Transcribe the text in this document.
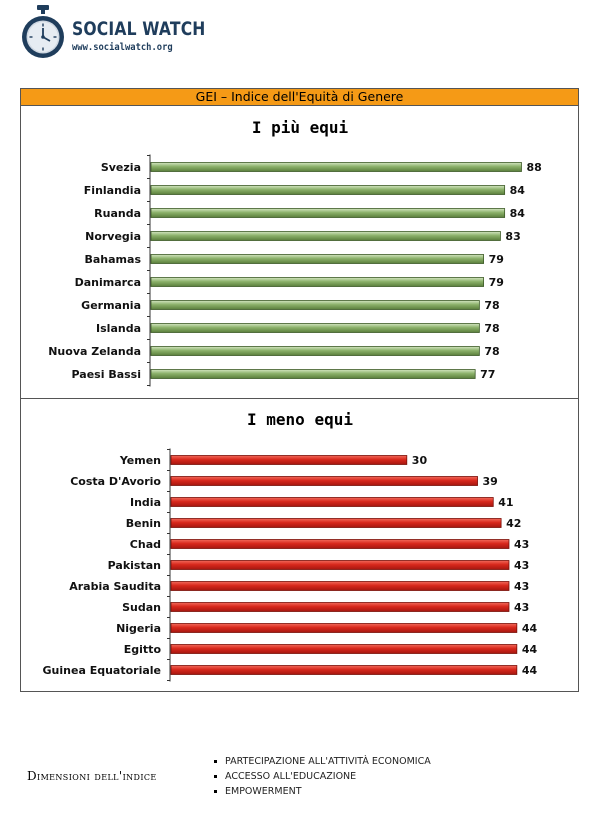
SOCIAL WATCH
www.socialwatch.org
GEI – Indice dell'Equità di Genere
I più equi
Svezia	88
Finlandia	84
Ruanda	84
Norvegia	83
Bahamas	79
Danimarca	79
Germania	78
Islanda	78
Nuova Zelanda	78
Paesi Bassi	77
I meno equi
Yemen	30
Costa D'Avorio	39
India	41
Benin	42
Chad	43
Pakistan	43
Arabia Saudita	43
Sudan	43
Nigeria	44
Egitto	44
Guinea Equatoriale	44
Dimensioni dell'indice
PARTECIPAZIONE ALL'ATTIVITÀ ECONOMICA
ACCESSO ALL'EDUCAZIONE
EMPOWERMENT
